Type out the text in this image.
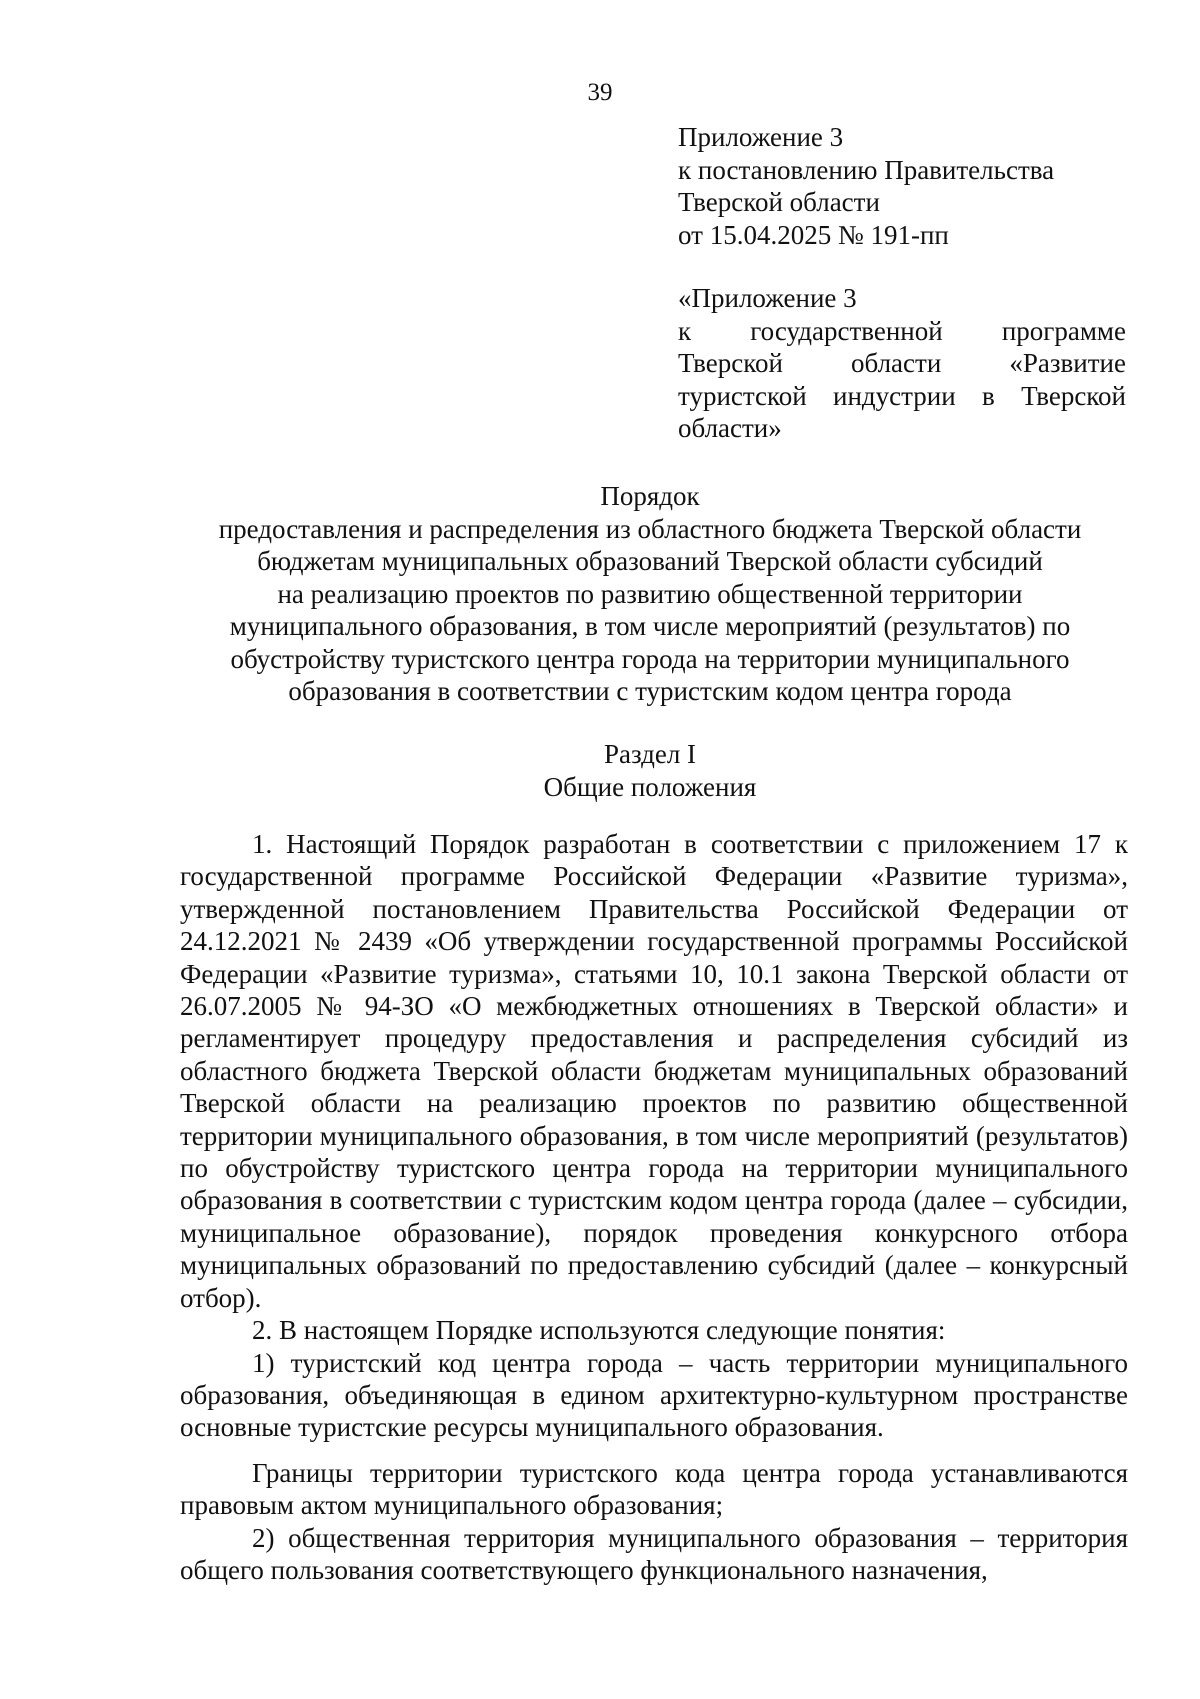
39
Приложение 3
к постановлению Правительства
Тверской области
от 15.04.2025 № 191-пп
«Приложение 3
к государственной программе Тверской области «Развитие туристской индустрии в Тверской области»
Порядок
предоставления и распределения из областного бюджета Тверской области
бюджетам муниципальных образований Тверской области субсидий
на реализацию проектов по развитию общественной территории
муниципального образования, в том числе мероприятий (результатов) по
обустройству туристского центра города на территории муниципального
образования в соответствии с туристским кодом центра города
Раздел I
Общие положения

1. Настоящий Порядок разработан в соответствии с приложением 17 к государственной программе Российской Федерации «Развитие туризма», утвержденной постановлением Правительства Российской Федерации от 24.12.2021 № 2439 «Об утверждении государственной программы Российской Федерации «Развитие туризма», статьями 10, 10.1 закона Тверской области от 26.07.2005 № 94-ЗО «О межбюджетных отношениях в Тверской области» и регламентирует процедуру предоставления и распределения субсидий из областного бюджета Тверской области бюджетам муниципальных образований Тверской области на реализацию проектов по развитию общественной территории муниципального образования, в том числе мероприятий (результатов) по обустройству туристского центра города на территории муниципального образования в соответствии с туристским кодом центра города (далее – субсидии, муниципальное образование), порядок проведения конкурсного отбора муниципальных образований по предоставлению субсидий (далее – конкурсный отбор).

2. В настоящем Порядке используются следующие понятия:

1) туристский код центра города – часть территории муниципального образования, объединяющая в едином архитектурно-культурном пространстве основные туристские ресурсы муниципального образования.

Границы территории туристского кода центра города устанавливаются правовым актом муниципального образования;

2) общественная территория муниципального образования – территория общего пользования соответствующего функционального назначения,
